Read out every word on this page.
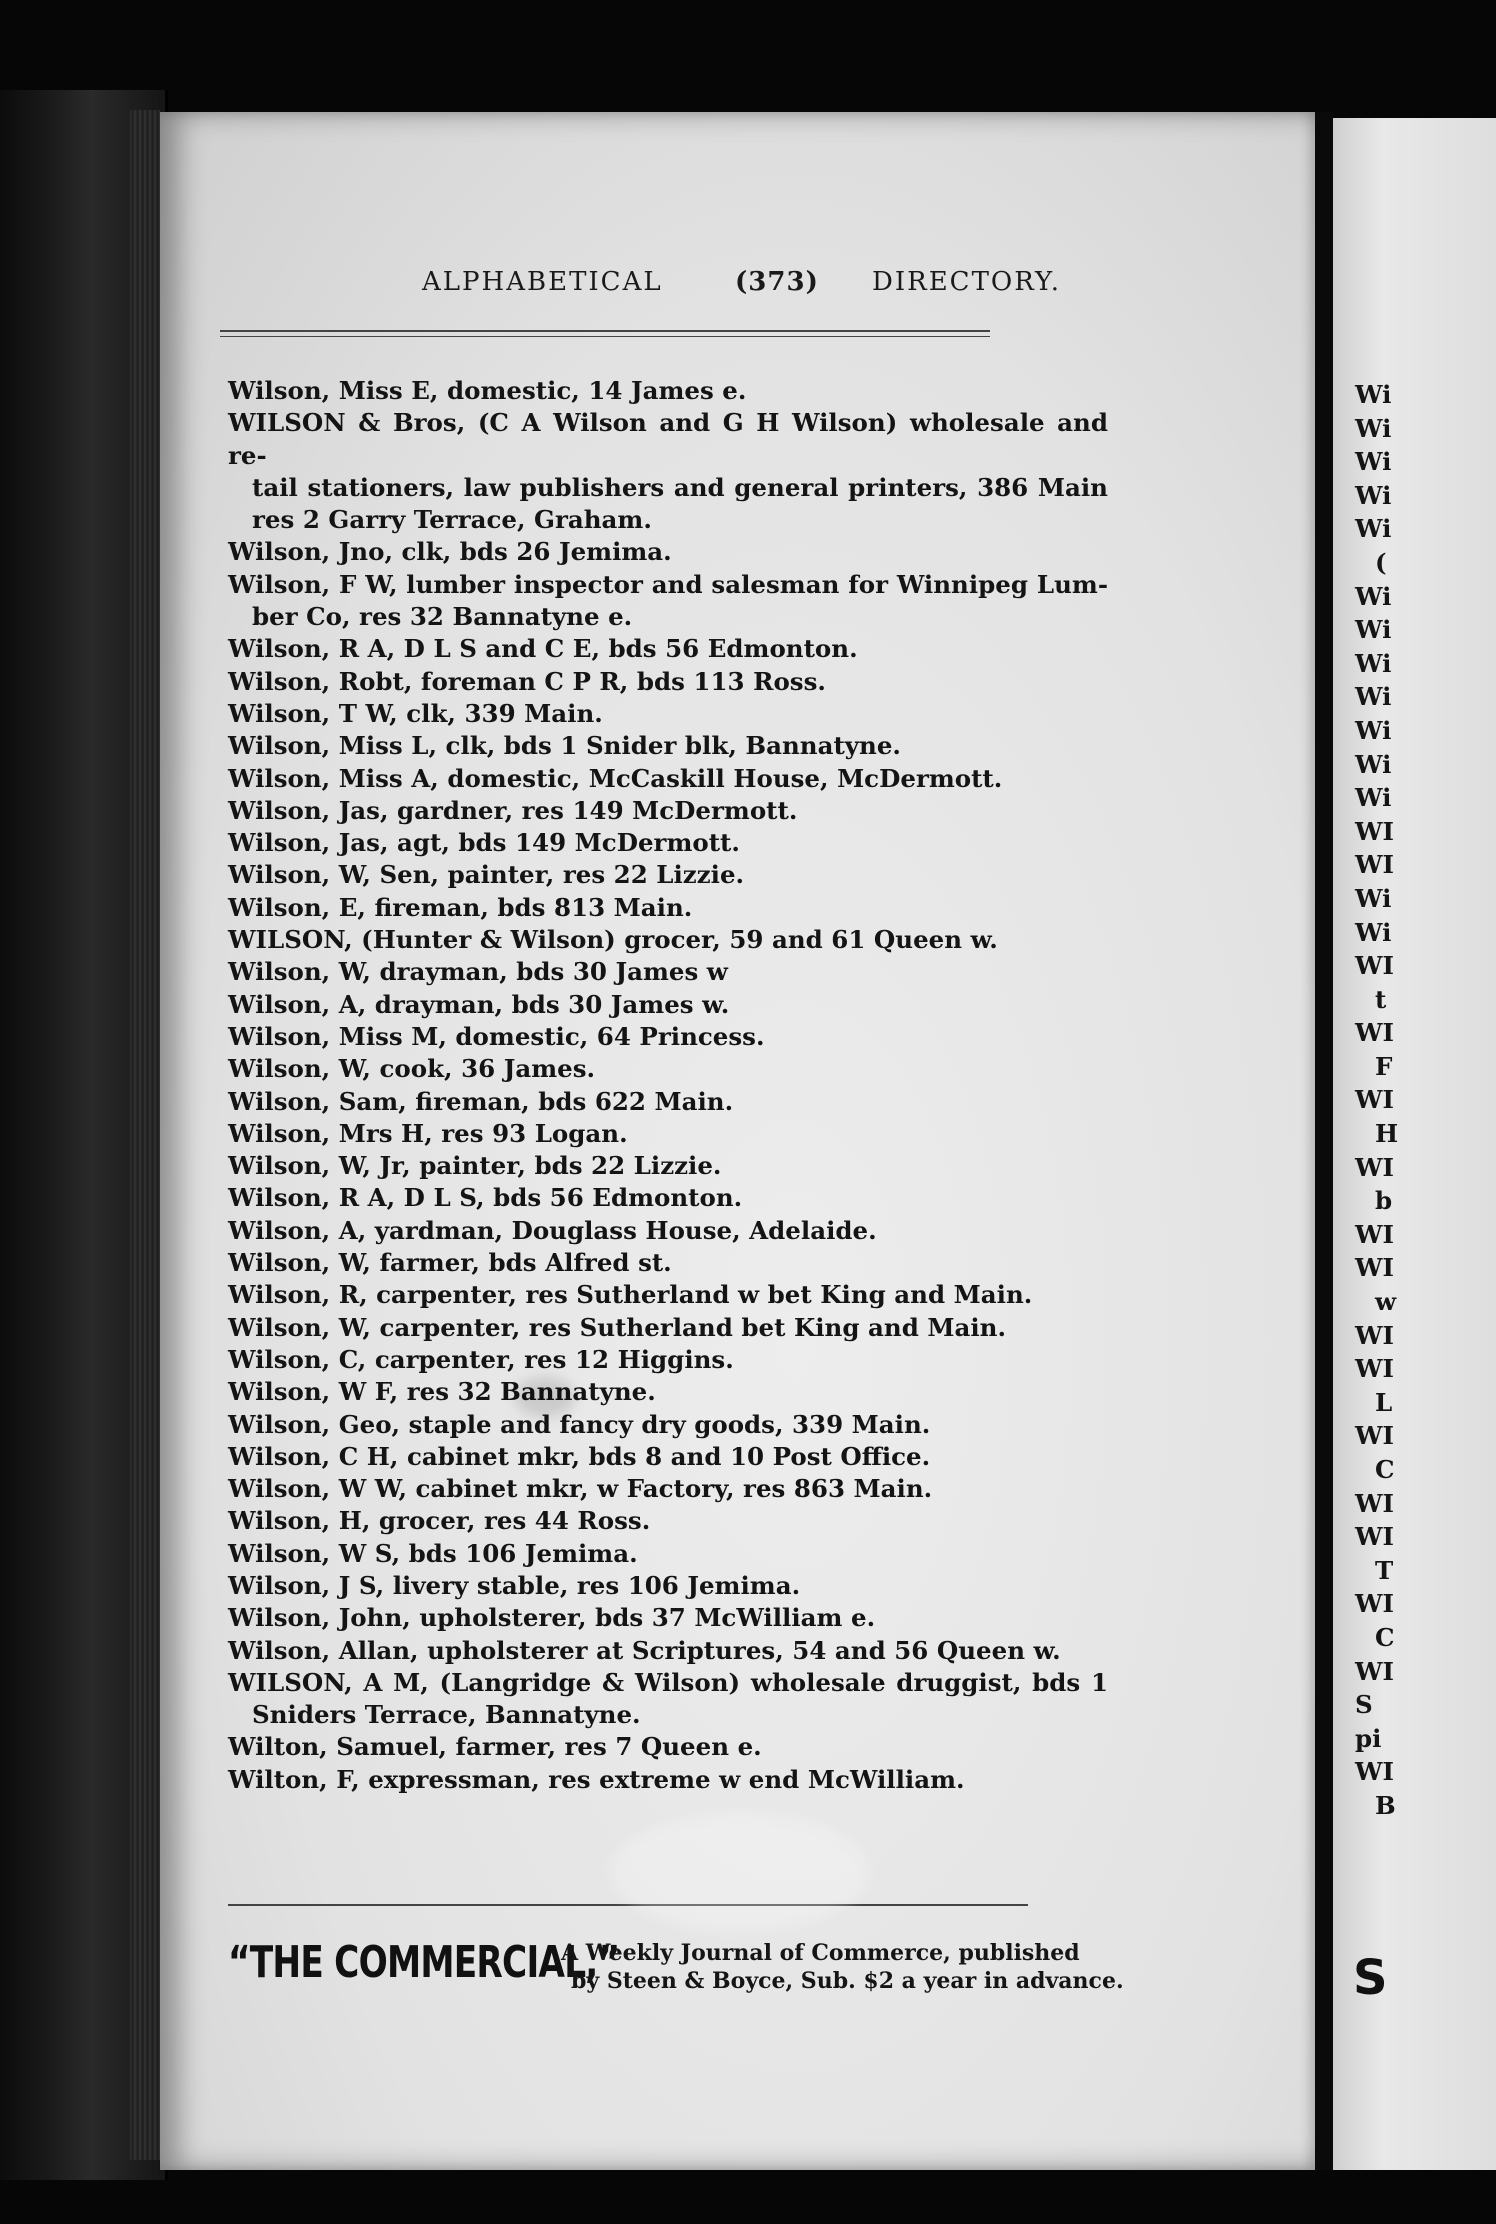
ALPHABETICAL	(373) DIRECTORY.
Wilson, Miss E, domestic, 14 James e.
WILSON & Bros, (C A Wilson and G H Wilson) wholesale and re-
tail stationers, law publishers and general printers, 386 Main
res 2 Garry Terrace, Graham.
Wilson, Jno, clk, bds 26 Jemima.
Wilson, F W, lumber inspector and salesman for Winnipeg Lum-
ber Co, res 32 Bannatyne e.
Wilson, R A, D L S and C E, bds 56 Edmonton.
Wilson, Robt, foreman C P R, bds 113 Ross.
Wilson, T W, clk, 339 Main.
Wilson, Miss L, clk, bds 1 Snider blk, Bannatyne.
Wilson, Miss A, domestic, McCaskill House, McDermott.
Wilson, Jas, gardner, res 149 McDermott.
Wilson, Jas, agt, bds 149 McDermott.
Wilson, W, Sen, painter, res 22 Lizzie.
Wilson, E, fireman, bds 813 Main.
WILSON, (Hunter & Wilson) grocer, 59 and 61 Queen w.
Wilson, W, drayman, bds 30 James w
Wilson, A, drayman, bds 30 James w.
Wilson, Miss M, domestic, 64 Princess.
Wilson, W, cook, 36 James.
Wilson, Sam, fireman, bds 622 Main.
Wilson, Mrs H, res 93 Logan.
Wilson, W, Jr, painter, bds 22 Lizzie.
Wilson, R A, D L S, bds 56 Edmonton.
Wilson, A, yardman, Douglass House, Adelaide.
Wilson, W, farmer, bds Alfred st.
Wilson, R, carpenter, res Sutherland w bet King and Main.
Wilson, W, carpenter, res Sutherland bet King and Main.
Wilson, C, carpenter, res 12 Higgins.
Wilson, W F, res 32 Bannatyne.
Wilson, Geo, staple and fancy dry goods, 339 Main.
Wilson, C H, cabinet mkr, bds 8 and 10 Post Office.
Wilson, W W, cabinet mkr, w Factory, res 863 Main.
Wilson, H, grocer, res 44 Ross.
Wilson, W S, bds 106 Jemima.
Wilson, J S, livery stable, res 106 Jemima.
Wilson, John, upholsterer, bds 37 McWilliam e.
Wilson, Allan, upholsterer at Scriptures, 54 and 56 Queen w.
WILSON, A M, (Langridge & Wilson) wholesale druggist, bds 1
Sniders Terrace, Bannatyne.
Wilton, Samuel, farmer, res 7 Queen e.
Wilton, F, expressman, res extreme w end McWilliam.
“THE COMMERCIAL,”
A Weekly Journal of Commerce, published
by Steen & Boyce, Sub. $2 a year in advance.
Wi
Wi
Wi
Wi
Wi
(
Wi
Wi
Wi
Wi
Wi
Wi
Wi
WI
WI
Wi
Wi
WI
t
WI
F
WI
H
WI
b
WI
WI
w
WI
WI
L
WI
C
WI
WI
T
WI
C
WI
S
pi
WI
B
S
